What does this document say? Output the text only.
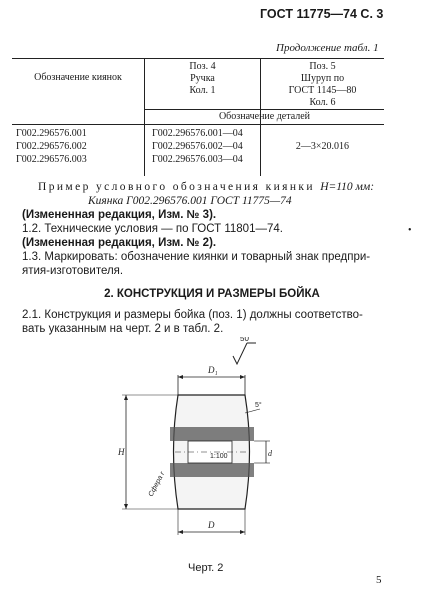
ГОСТ 11775—74 С. 3
Продолжение табл. 1
Обозначение киянок
Поз. 4
Ручка
Кол. 1
Поз. 5
Шуруп по
ГОСТ 1145—80
Кол. 6
Обозначение деталей
Г002.296576.001
Г002.296576.002
Г002.296576.003
Г002.296576.001—04
Г002.296576.002—04
Г002.296576.003—04
2—3×20.016
Пример условного обозначения киянки H=110 мм:
Киянка Г002.296576.001 ГОСТ 11775—74
(Измененная редакция, Изм. № 3).
1.2. Технические условия — по ГОСТ 11801—74.
(Измененная редакция, Изм. № 2).
1.3. Маркировать: обозначение киянки и товарный знак предпри-
ятия-изготовителя.
2. КОНСТРУКЦИЯ И РАЗМЕРЫ БОЙКА
2.1. Конструкция и размеры бойка (поз. 1) должны соответство-
вать указанным на черт. 2 и в табл. 2.
50
D₁
1:100
5°
H
Сфера r
d
D
Черт. 2
•
5
